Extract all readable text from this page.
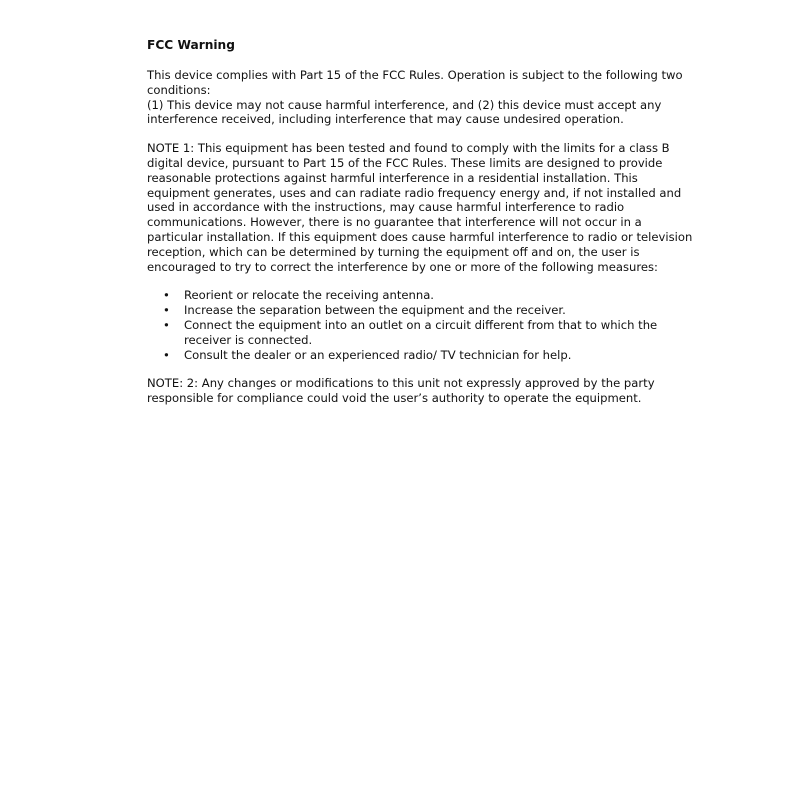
FCC Warning
This device complies with Part 15 of the FCC Rules. Operation is subject to the following two
conditions:
(1) This device may not cause harmful interference, and (2) this device must accept any
interference received, including interference that may cause undesired operation.
NOTE 1: This equipment has been tested and found to comply with the limits for a class B
digital device, pursuant to Part 15 of the FCC Rules. These limits are designed to provide
reasonable protections against harmful interference in a residential installation. This
equipment generates, uses and can radiate radio frequency energy and, if not installed and
used in accordance with the instructions, may cause harmful interference to radio
communications. However, there is no guarantee that interference will not occur in a
particular installation. If this equipment does cause harmful interference to radio or television
reception, which can be determined by turning the equipment off and on, the user is
encouraged to try to correct the interference by one or more of the following measures:
• Reorient or relocate the receiving antenna.
• Increase the separation between the equipment and the receiver.
• Connect the equipment into an outlet on a circuit different from that to which the
receiver is connected.
• Consult the dealer or an experienced radio/ TV technician for help.
NOTE: 2: Any changes or modifications to this unit not expressly approved by the party
responsible for compliance could void the user’s authority to operate the equipment.
